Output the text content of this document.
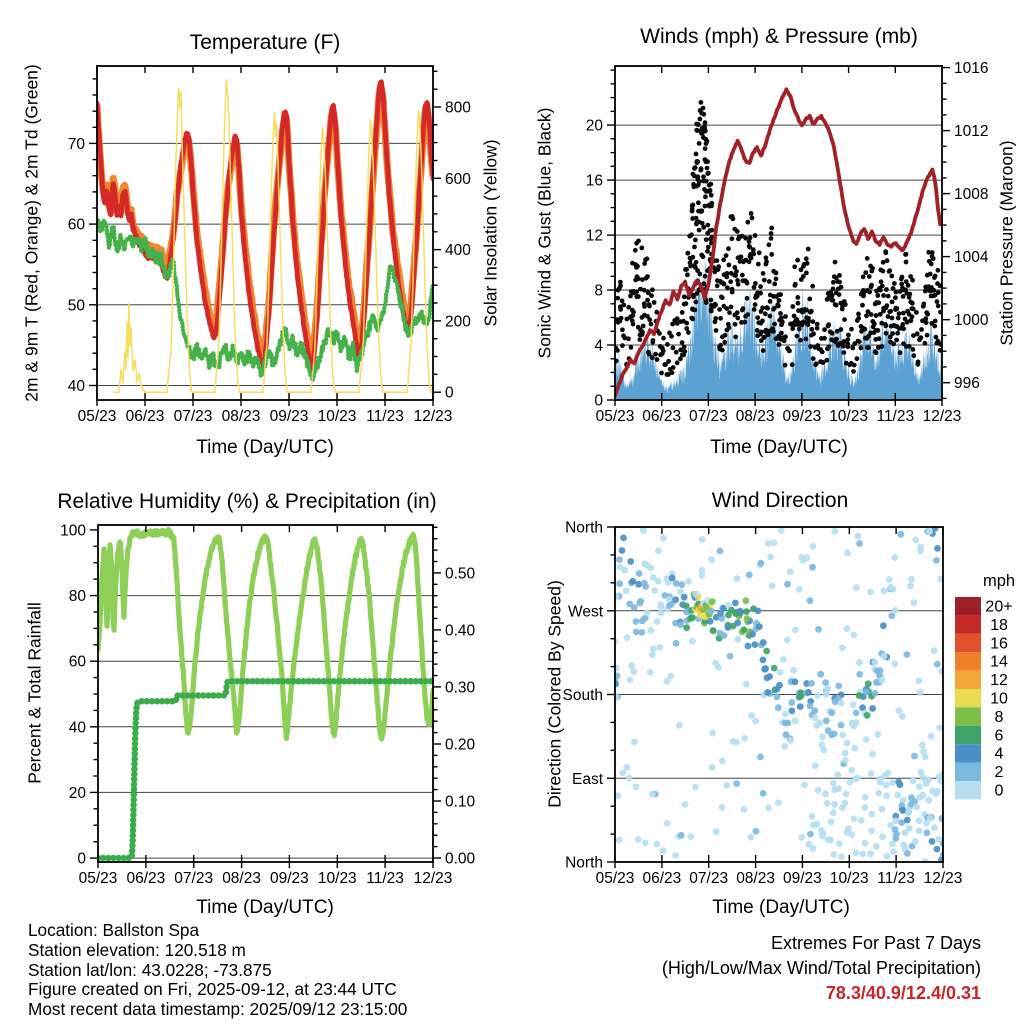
40
50
60
70
0
200
400
600
800
05/23 06/23 07/23 08/23 09/23 10/23 11/23 12/23
0
4
8
12
16
20
996
1000
1004
1008
1012
1016
05/23 06/23 07/23 08/23 09/23 10/23 11/23 12/23
0
20
40
60
80
100
0.00
0.10
0.20
0.30
0.40
0.50
05/23 06/23 07/23 08/23 09/23 10/23 11/23 12/23
North
West
South
East
North
05/23 06/23 07/23 08/23 09/23 10/23 11/23 12/23
20+
18
16
14
12
10
8
6
4
2
0
Temperature (F)	Winds (mph) & Pressure (mb)
Relative Humidity (%) & Precipitation (in)	Wind Direction
Time (Day/UTC)	Time (Day/UTC)
Time (Day/UTC)	Time (Day/UTC)
2m & 9m T (Red, Orange) & 2m Td (Green)	Solar Insolation (Yellow) Sonic Wind & Gust (Blue, Black)	Station Pressure (Maroon)
Percent & Total Rainfall	Direction (Colored By Speed)	mph
Location: Ballston Spa
Station elevation: 120.518 m
Station lat/lon: 43.0228; -73.875
Figure created on Fri, 2025-09-12, at 23:44 UTC
Most recent data timestamp: 2025/09/12 23:15:00
Extremes For Past 7 Days
(High/Low/Max Wind/Total Precipitation)
78.3/40.9/12.4/0.31
